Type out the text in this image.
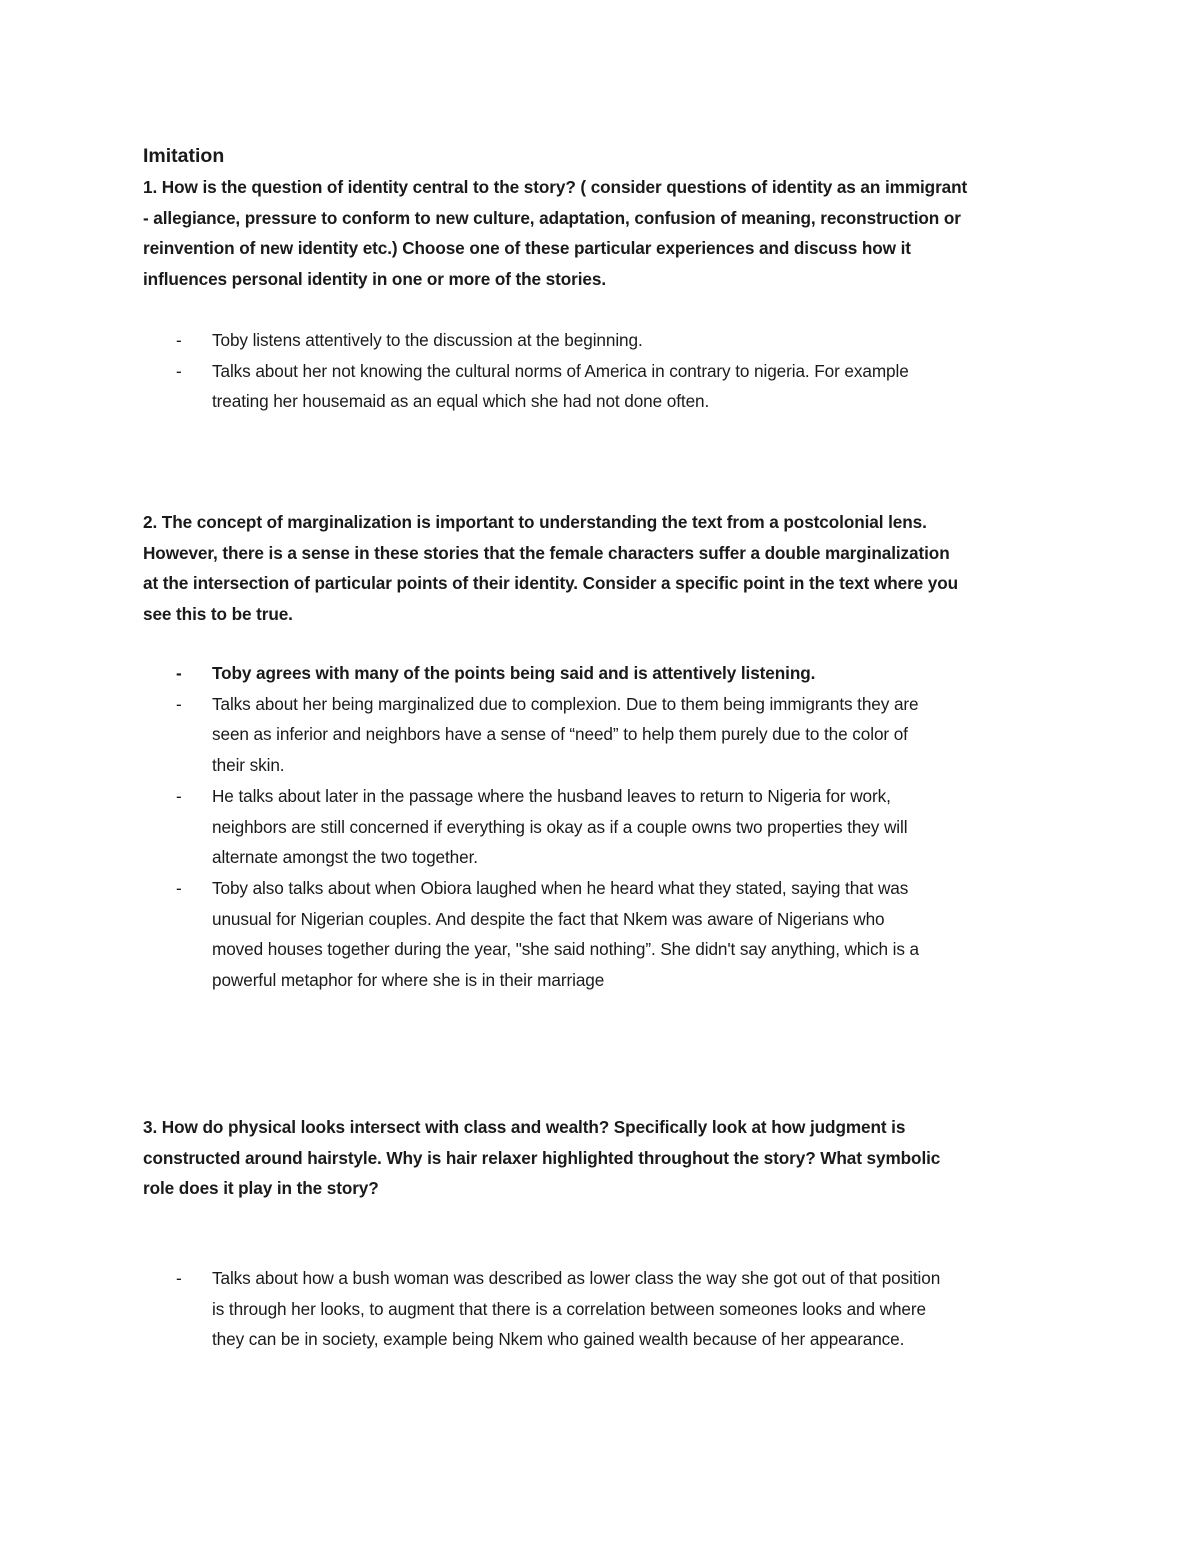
Imitation
1. How is the question of identity central to the story? ( consider questions of identity as an immigrant
- allegiance, pressure to conform to new culture, adaptation, confusion of meaning, reconstruction or
reinvention of new identity etc.) Choose one of these particular experiences and discuss how it
influences personal identity in one or more of the stories.
- Toby listens attentively to the discussion at the beginning.
- Talks about her not knowing the cultural norms of America in contrary to nigeria. For example
treating her housemaid as an equal which she had not done often.
2. The concept of marginalization is important to understanding the text from a postcolonial lens.
However, there is a sense in these stories that the female characters suffer a double marginalization
at the intersection of particular points of their identity. Consider a specific point in the text where you
see this to be true.
- Toby agrees with many of the points being said and is attentively listening.
- Talks about her being marginalized due to complexion. Due to them being immigrants they are
seen as inferior and neighbors have a sense of “need” to help them purely due to the color of
their skin.
- He talks about later in the passage where the husband leaves to return to Nigeria for work,
neighbors are still concerned if everything is okay as if a couple owns two properties they will
alternate amongst the two together.
- Toby also talks about when Obiora laughed when he heard what they stated, saying that was
unusual for Nigerian couples. And despite the fact that Nkem was aware of Nigerians who
moved houses together during the year, "she said nothing”. She didn't say anything, which is a
powerful metaphor for where she is in their marriage
3. How do physical looks intersect with class and wealth? Specifically look at how judgment is
constructed around hairstyle. Why is hair relaxer highlighted throughout the story? What symbolic
role does it play in the story?
- Talks about how a bush woman was described as lower class the way she got out of that position
is through her looks, to augment that there is a correlation between someones looks and where
they can be in society, example being Nkem who gained wealth because of her appearance.
